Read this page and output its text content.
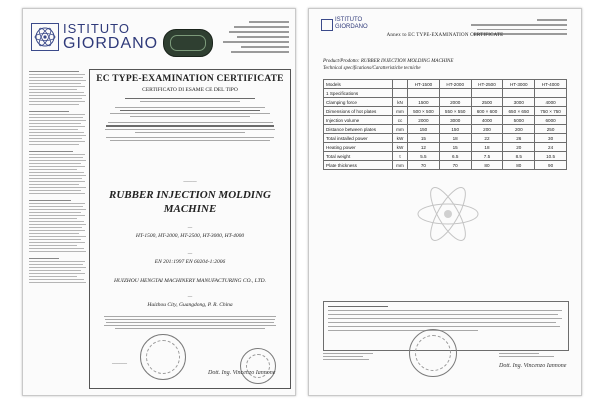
ISTITUTO
GIORDANO
EC TYPE-EXAMINATION CERTIFICATE
CERTIFICATO DI ESAME CE DEL TIPO
———
RUBBER INJECTION MOLDING MACHINE
—
HT-1500, HT-2000, HT-2500, HT-3000, HT-4000
—
EN 201:1997 EN 60204-1:2006
HUIZHOU HENGTAI MACHINERY MANUFACTURING CO., LTD.
—
Huizhou City, Guangdong, P. R. China
______
Dott. Ing. Vincenzo Iannone
ISTITUTO GIORDANO
Annex to EC TYPE-EXAMINATION CERTIFICATE
Product/Prodotto: RUBBER INJECTION MOLDING MACHINE
Technical specifications/Caratteristiche tecniche
Models		HT-1500	HT-2000	HT-2500	HT-3000	HT-4000
1 Specifications						
Clamping force	kN	1500	2000	2500	3000	4000
Dimensions of hot plates	mm	500 × 500	550 × 550	600 × 600	650 × 650	750 × 750
Injection volume	cc	2000	3000	4000	5000	6000
Distance between plates	mm	150	150	200	200	250
Total installed power	kW	15	18	22	26	30
Heating power	kW	12	15	18	20	24
Total weight	t	5.5	6.5	7.5	8.5	10.5
Plate thickness	mm	70	70	80	80	90
Dott. Ing. Vincenzo Iannone
